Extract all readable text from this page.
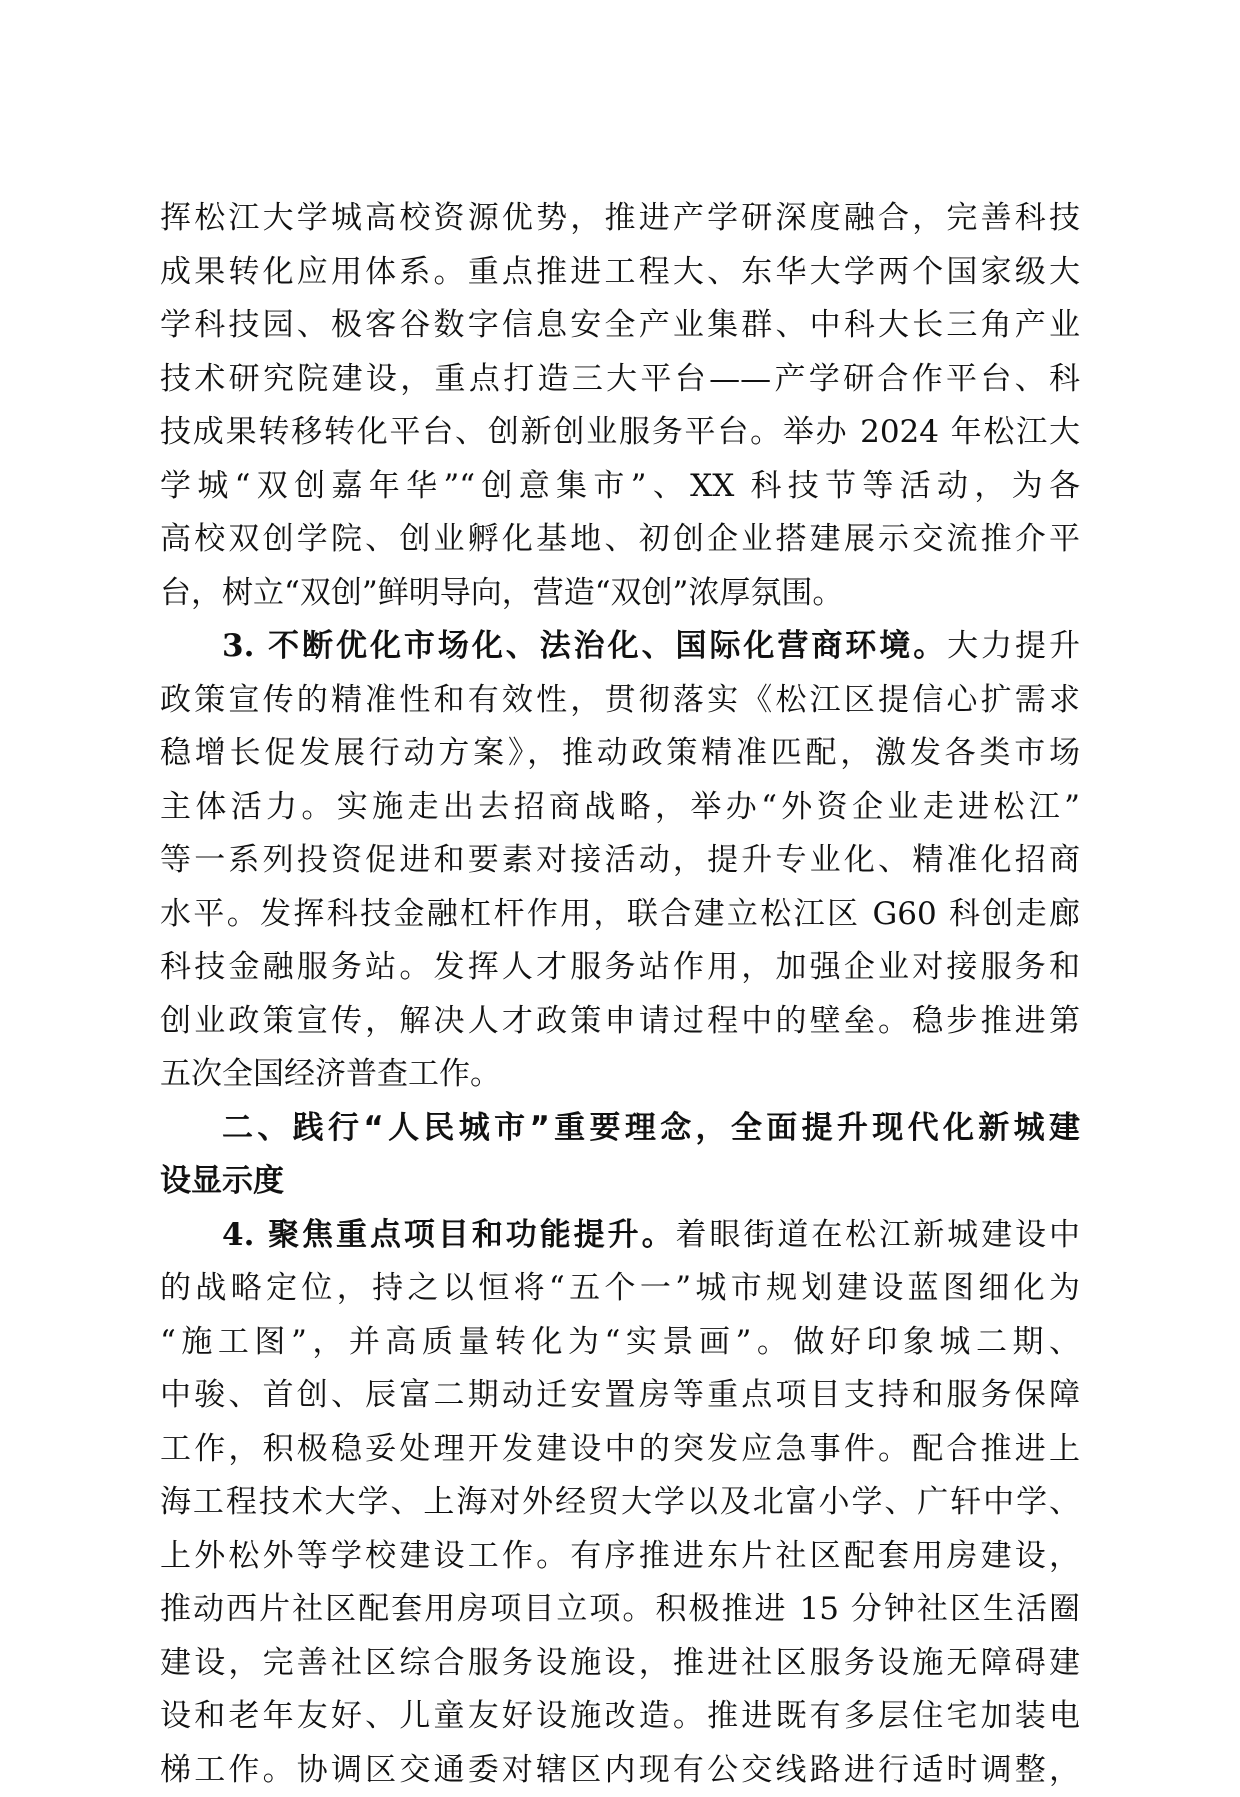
挥松江大学城高校资源优势，推进产学研深度融合，完善科技
成果转化应用体系。重点推进工程大、东华大学两个国家级大
学科技园、极客谷数字信息安全产业集群、中科大长三角产业
技术研究院建设，重点打造三大平台——产学研合作平台、科
技成果转移转化平台、创新创业服务平台。举办 2024 年松江大
学城“双创嘉年华”“创意集市”、XX 科技节等活动，为各
高校双创学院、创业孵化基地、初创企业搭建展示交流推介平
台，树立“双创”鲜明导向，营造“双创”浓厚氛围。
3. 不断优化市场化、法治化、国际化营商环境。大力提升
政策宣传的精准性和有效性，贯彻落实《松江区提信心扩需求
稳增长促发展行动方案》，推动政策精准匹配，激发各类市场
主体活力。实施走出去招商战略，举办“外资企业走进松江”
等一系列投资促进和要素对接活动，提升专业化、精准化招商
水平。发挥科技金融杠杆作用，联合建立松江区 G60 科创走廊
科技金融服务站。发挥人才服务站作用，加强企业对接服务和
创业政策宣传，解决人才政策申请过程中的壁垒。稳步推进第
五次全国经济普查工作。
二、践行“人民城市”重要理念，全面提升现代化新城建
设显示度
4. 聚焦重点项目和功能提升。着眼街道在松江新城建设中
的战略定位，持之以恒将“五个一”城市规划建设蓝图细化为
“施工图”，并高质量转化为“实景画”。做好印象城二期、
中骏、首创、辰富二期动迁安置房等重点项目支持和服务保障
工作，积极稳妥处理开发建设中的突发应急事件。配合推进上
海工程技术大学、上海对外经贸大学以及北富小学、广轩中学、
上外松外等学校建设工作。有序推进东片社区配套用房建设，
推动西片社区配套用房项目立项。积极推进 15 分钟社区生活圈
建设，完善社区综合服务设施设，推进社区服务设施无障碍建
设和老年友好、儿童友好设施改造。推进既有多层住宅加装电
梯工作。协调区交通委对辖区内现有公交线路进行适时调整，
